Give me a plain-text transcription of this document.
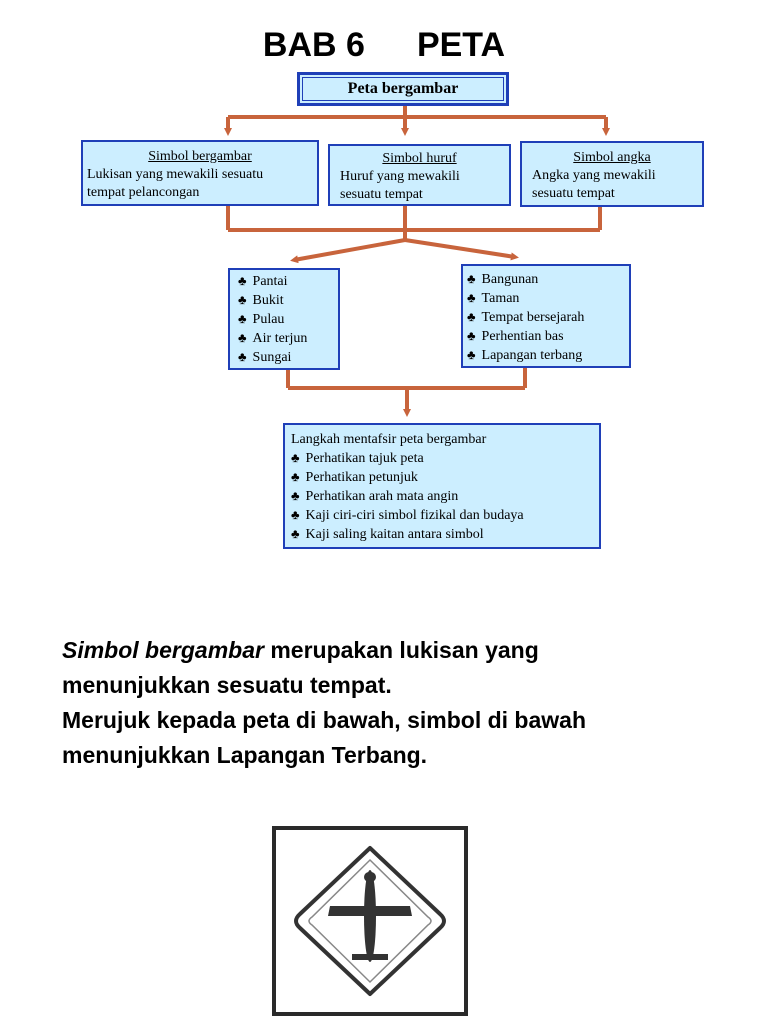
BAB 6 PETA
Peta bergambar
Simbol bergambar
Lukisan yang mewakili sesuatu
tempat pelancongan
Simbol huruf
Huruf yang mewakili
sesuatu tempat
Simbol angka
Angka yang mewakili
sesuatu tempat
♣ Pantai
♣ Bukit
♣ Pulau
♣ Air terjun
♣ Sungai
♣ Bangunan
♣ Taman
♣ Tempat bersejarah
♣ Perhentian bas
♣ Lapangan terbang
Langkah mentafsir peta bergambar
♣ Perhatikan tajuk peta
♣ Perhatikan petunjuk
♣ Perhatikan arah mata angin
♣ Kaji ciri-ciri simbol fizikal dan budaya
♣ Kaji saling kaitan antara simbol
Simbol bergambar merupakan lukisan yang
menunjukkan sesuatu tempat.
Merujuk kepada peta di bawah, simbol di bawah
menunjukkan Lapangan Terbang.
